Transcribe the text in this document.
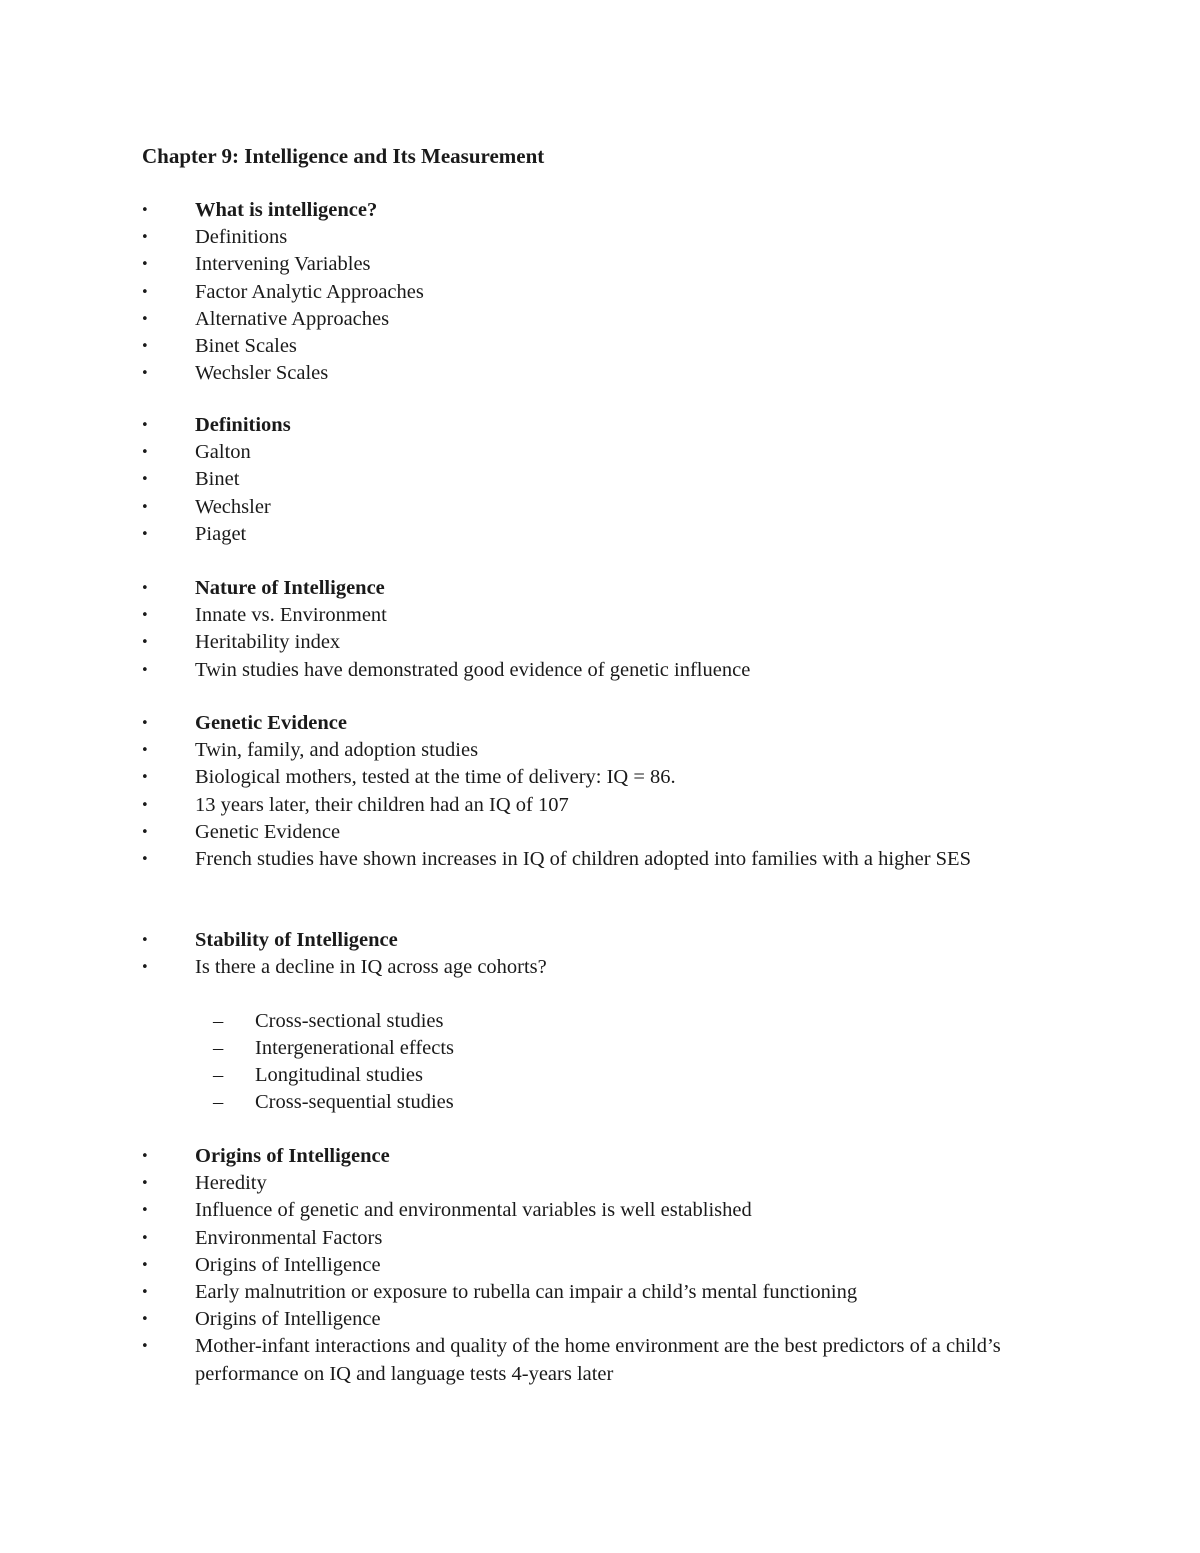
Chapter 9: Intelligence and Its Measurement
•	What is intelligence?
•	Definitions
•	Intervening Variables
•	Factor Analytic Approaches
•	Alternative Approaches
•	Binet Scales
•	Wechsler Scales
•	Definitions
•	Galton
•	Binet
•	Wechsler
•	Piaget
•	Nature of Intelligence
•	Innate vs. Environment
•	Heritability index
•	Twin studies have demonstrated good evidence of genetic influence
•	Genetic Evidence
•	Twin, family, and adoption studies
•	Biological mothers, tested at the time of delivery: IQ = 86.
•	13 years later, their children had an IQ of 107
•	Genetic Evidence
•	French studies have shown increases in IQ of children adopted into families with a higher SES
•	Stability of Intelligence
•	Is there a decline in IQ across age cohorts?
– Cross-sectional studies
– Intergenerational effects
– Longitudinal studies
– Cross-sequential studies
•	Origins of Intelligence
•	Heredity
•	Influence of genetic and environmental variables is well established
•	Environmental Factors
•	Origins of Intelligence
•	Early malnutrition or exposure to rubella can impair a child’s mental functioning
•	Origins of Intelligence
•	Mother-infant interactions and quality of the home environment are the best predictors of a child’s performance on IQ and language tests 4-years later
